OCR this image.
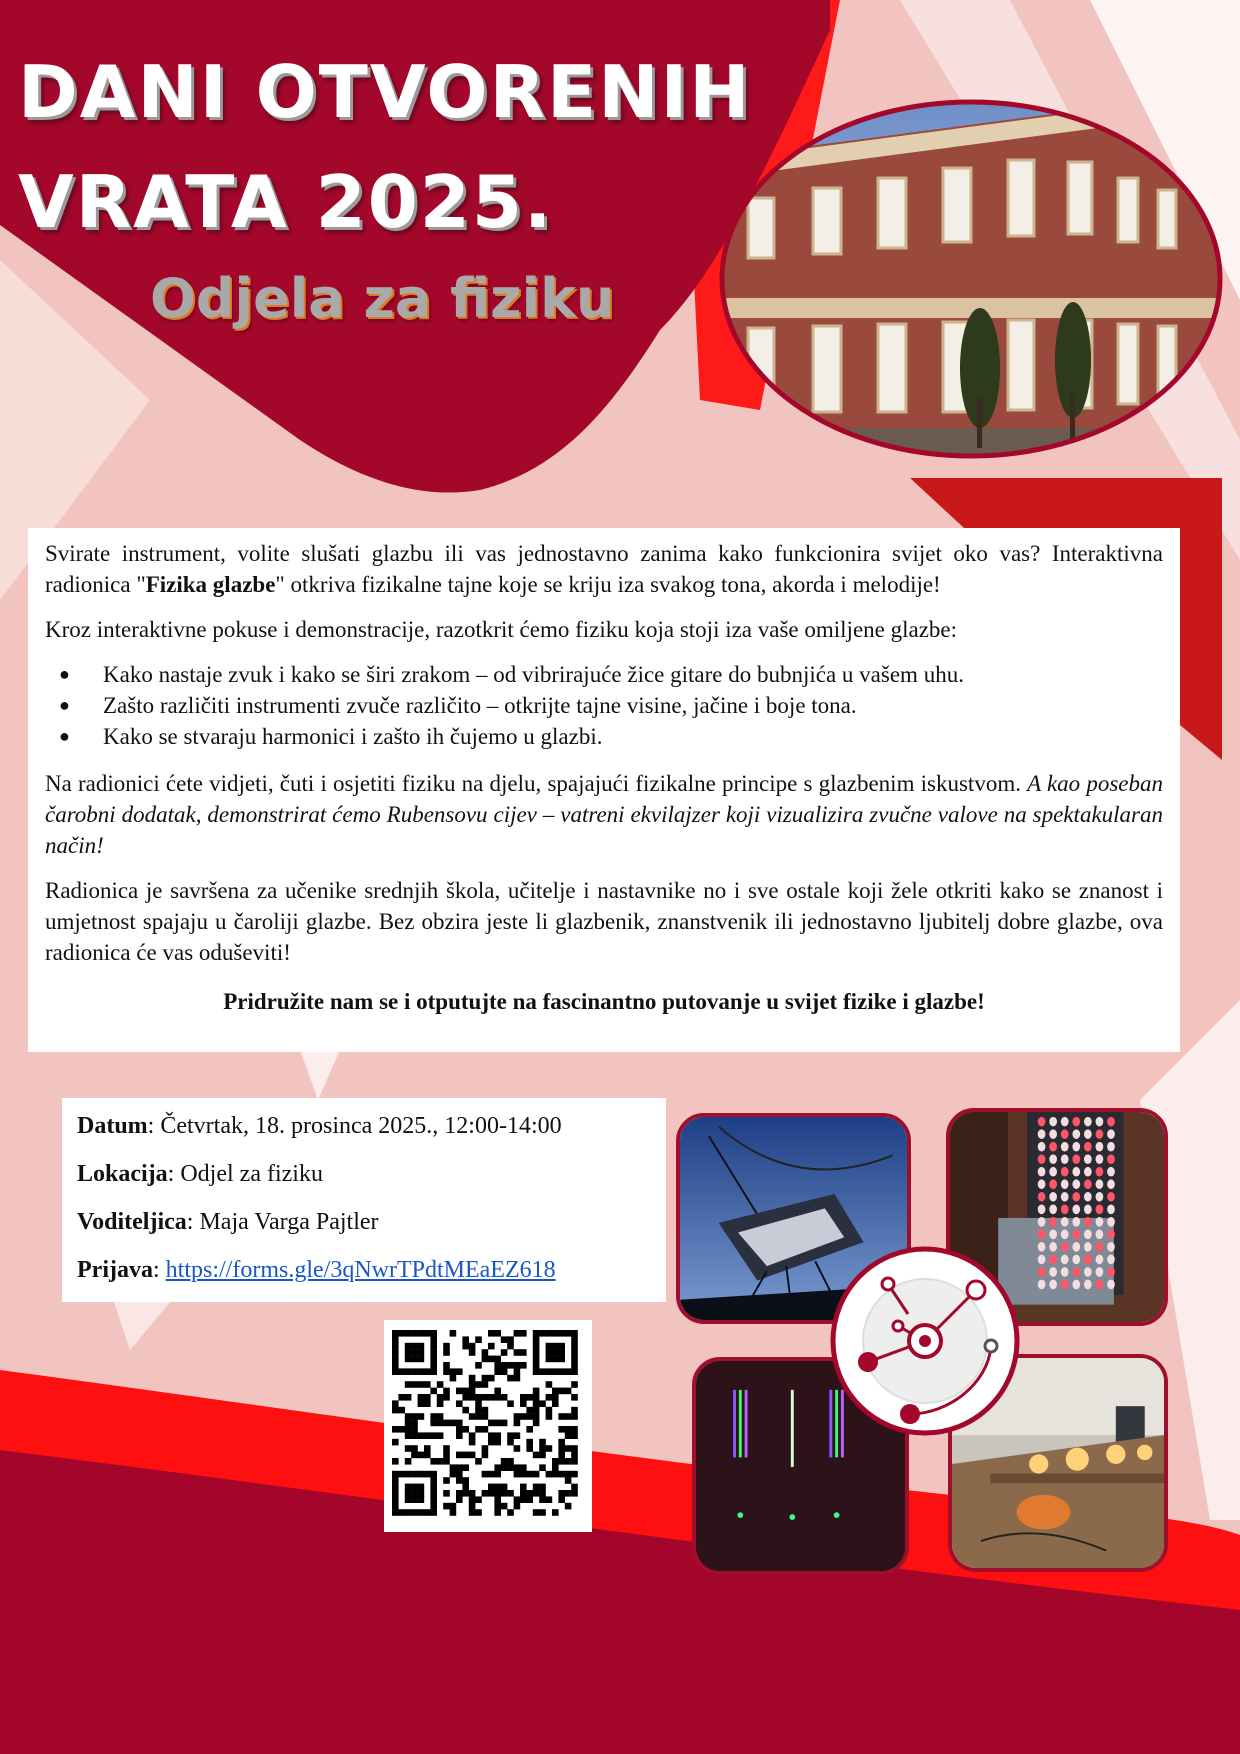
DANI OTVORENIH
VRATA 2025.
Odjela za fiziku

Svirate instrument, volite slušati glazbu ili vas jednostavno zanima kako funkcionira svijet oko vas? Interaktivna radionica "Fizika glazbe" otkriva fizikalne tajne koje se kriju iza svakog tona, akorda i melodije!

Kroz interaktivne pokuse i demonstracije, razotkrit ćemo fiziku koja stoji iza vaše omiljene glazbe:

● Kako nastaje zvuk i kako se širi zrakom – od vibrirajuće žice gitare do bubnjića u vašem uhu.
● Zašto različiti instrumenti zvuče različito – otkrijte tajne visine, jačine i boje tona.
● Kako se stvaraju harmonici i zašto ih čujemo u glazbi.

Na radionici ćete vidjeti, čuti i osjetiti fiziku na djelu, spajajući fizikalne principe s glazbenim iskustvom. A kao poseban čarobni dodatak, demonstrirat ćemo Rubensovu cijev – vatreni ekvilajzer koji vizualizira zvučne valove na spektakularan način!

Radionica je savršena za učenike srednjih škola, učitelje i nastavnike no i sve ostale koji žele otkriti kako se znanost i umjetnost spajaju u čaroliji glazbe. Bez obzira jeste li glazbenik, znanstvenik ili jednostavno ljubitelj dobre glazbe, ova radionica će vas oduševiti!

Pridružite nam se i otputujte na fascinantno putovanje u svijet fizike i glazbe!

Datum: Četvrtak, 18. prosinca 2025., 12:00-14:00

Lokacija: Odjel za fiziku

Voditeljica: Maja Varga Pajtler

Prijava: https://forms.gle/3qNwrTPdtMEaEZ618
